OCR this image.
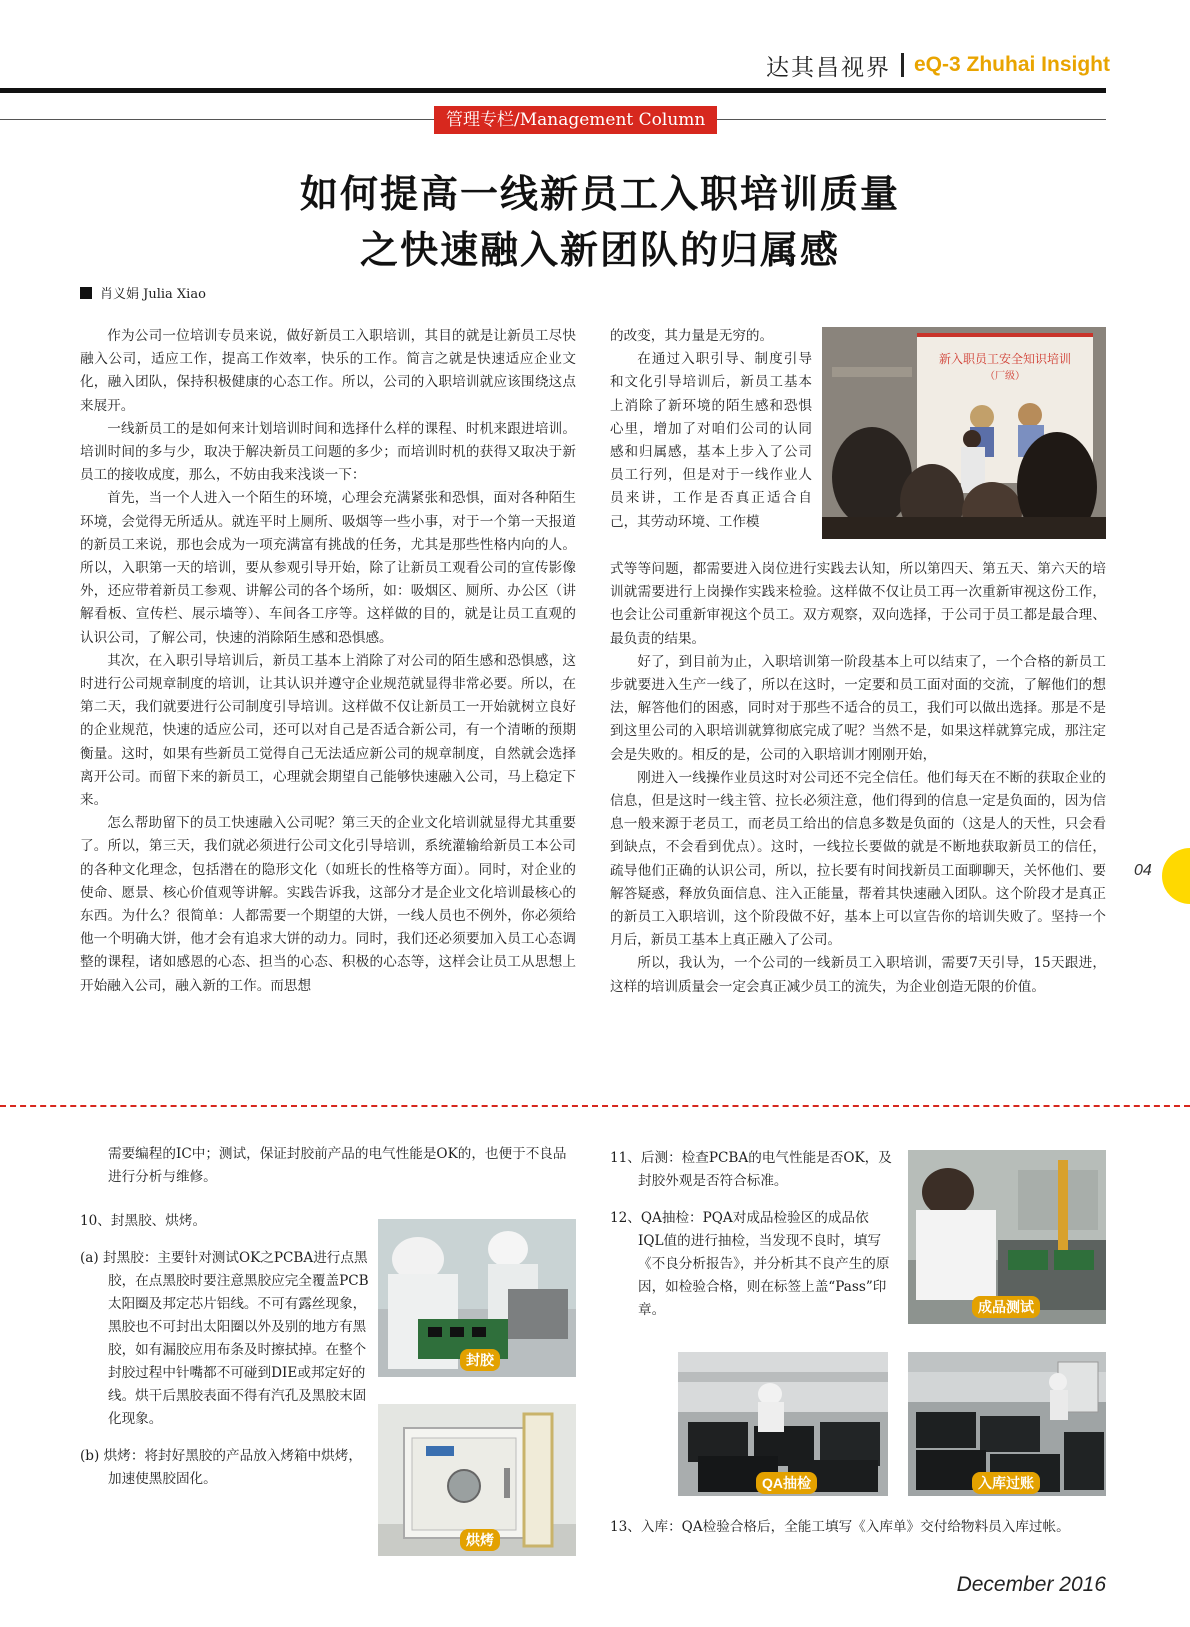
达其昌视界 eQ-3 Zhuhai Insight
管理专栏/Management Column
如何提高一线新员工入职培训质量
之快速融入新团队的归属感
肖义娟 Julia Xiao

作为公司一位培训专员来说，做好新员工入职培训，其目的就是让新员工尽快融入公司，适应工作，提高工作效率，快乐的工作。简言之就是快速适应企业文化，融入团队，保持积极健康的心态工作。所以，公司的入职培训就应该围绕这点来展开。

一线新员工的是如何来计划培训时间和选择什么样的课程、时机来跟进培训。培训时间的多与少，取决于解决新员工问题的多少；而培训时机的获得又取决于新员工的接收成度，那么，不妨由我来浅谈一下：

首先，当一个人进入一个陌生的环境，心理会充满紧张和恐惧，面对各种陌生环境，会觉得无所适从。就连平时上厕所、吸烟等一些小事，对于一个第一天报道的新员工来说，那也会成为一项充满富有挑战的任务，尤其是那些性格内向的人。所以，入职第一天的培训，要从参观引导开始，除了让新员工观看公司的宣传影像外，还应带着新员工参观、讲解公司的各个场所，如：吸烟区、厕所、办公区（讲解看板、宣传栏、展示墙等）、车间各工序等。这样做的目的，就是让员工直观的认识公司，了解公司，快速的消除陌生感和恐惧感。

其次，在入职引导培训后，新员工基本上消除了对公司的陌生感和恐惧感，这时进行公司规章制度的培训，让其认识并遵守企业规范就显得非常必要。所以，在第二天，我们就要进行公司制度引导培训。这样做不仅让新员工一开始就树立良好的企业规范，快速的适应公司，还可以对自己是否适合新公司，有一个清晰的预期衡量。这时，如果有些新员工觉得自己无法适应新公司的规章制度，自然就会选择离开公司。而留下来的新员工，心理就会期望自己能够快速融入公司，马上稳定下来。

怎么帮助留下的员工快速融入公司呢？第三天的企业文化培训就显得尤其重要了。所以，第三天，我们就必须进行公司文化引导培训，系统灌输给新员工本公司的各种文化理念，包括潜在的隐形文化（如班长的性格等方面）。同时，对企业的使命、愿景、核心价值观等讲解。实践告诉我，这部分才是企业文化培训最核心的东西。为什么？很简单：人都需要一个期望的大饼，一线人员也不例外，你必须给他一个明确大饼，他才会有追求大饼的动力。同时，我们还必须要加入员工心态调整的课程，诸如感恩的心态、担当的心态、积极的心态等，这样会让员工从思想上开始融入公司，融入新的工作。而思想

的改变，其力量是无穷的。

在通过入职引导、制度引导和文化引导培训后，新员工基本上消除了新环境的陌生感和恐惧心里，增加了对咱们公司的认同感和归属感，基本上步入了公司员工行列，但是对于一线作业人员来讲，工作是否真正适合自己，其劳动环境、工作模

新入职员工安全知识培训
（厂级）

式等等问题，都需要进入岗位进行实践去认知，所以第四天、第五天、第六天的培训就需要进行上岗操作实践来检验。这样做不仅让员工再一次重新审视这份工作，也会让公司重新审视这个员工。双方观察，双向选择，于公司于员工都是最合理、最负责的结果。

好了，到目前为止，入职培训第一阶段基本上可以结束了，一个合格的新员工步就要进入生产一线了，所以在这时，一定要和员工面对面的交流，了解他们的想法，解答他们的困惑，同时对于那些不适合的员工，我们可以做出选择。那是不是到这里公司的入职培训就算彻底完成了呢？当然不是，如果这样就算完成，那注定会是失败的。相反的是，公司的入职培训才刚刚开始，

刚进入一线操作业员这时对公司还不完全信任。他们每天在不断的获取企业的信息，但是这时一线主管、拉长必须注意，他们得到的信息一定是负面的，因为信息一般来源于老员工，而老员工给出的信息多数是负面的（这是人的天性，只会看到缺点，不会看到优点）。这时，一线拉长要做的就是不断地获取新员工的信任，疏导他们正确的认识公司，所以，拉长要有时间找新员工面聊聊天，关怀他们、要解答疑惑，释放负面信息、注入正能量，帮着其快速融入团队。这个阶段才是真正的新员工入职培训，这个阶段做不好，基本上可以宣告你的培训失败了。坚持一个月后，新员工基本上真正融入了公司。

所以，我认为，一个公司的一线新员工入职培训，需要7天引导，15天跟进，这样的培训质量会一定会真正减少员工的流失，为企业创造无限的价值。

04
需要编程的IC中；测试，保证封胶前产品的电气性能是OK的，也便于不良品进行分析与维修。
10、封黑胶、烘烤。
(a) 封黑胶：主要针对测试OK之PCBA进行点黑胶，在点黑胶时要注意黑胶应完全覆盖PCB太阳圈及邦定芯片铝线。不可有露丝现象，黑胶也不可封出太阳圈以外及别的地方有黑胶，如有漏胶应用布条及时擦拭掉。在整个封胶过程中针嘴都不可碰到DIE或邦定好的线。烘干后黑胶表面不得有汽孔及黑胶末固化现象。
(b) 烘烤：将封好黑胶的产品放入烤箱中烘烤，加速使黑胶固化。
封胶
烘烤
11、后测：检查PCBA的电气性能是否OK，及封胶外观是否符合标准。
12、QA抽检：PQA对成品检验区的成品依IQL值的进行抽检，当发现不良时，填写《不良分析报告》，并分析其不良产生的原因，如检验合格，则在标签上盖“Pass”印章。	成品测试
QA抽检	入库过账
13、入库：QA检验合格后，全能工填写《入库单》交付给物料员入库过帐。
December 2016
